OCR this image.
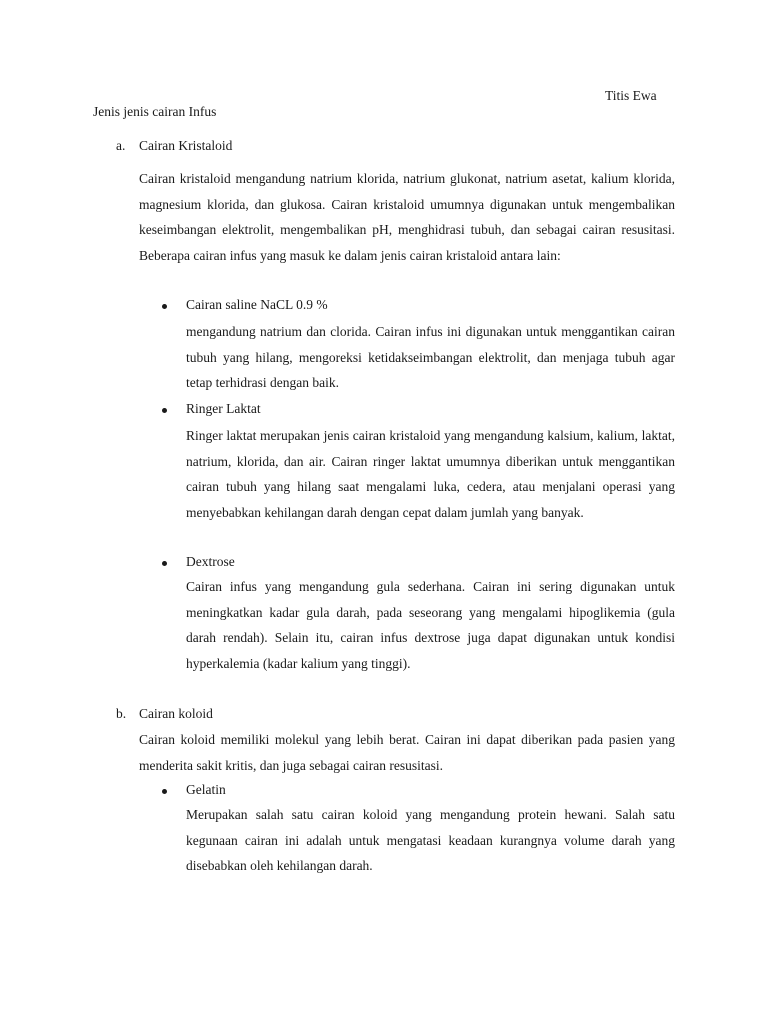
Titis Ewa
Jenis jenis cairan Infus
a. Cairan Kristaloid
Cairan kristaloid mengandung natrium klorida, natrium glukonat, natrium asetat, kalium klorida, magnesium klorida, dan glukosa. Cairan kristaloid umumnya digunakan untuk mengembalikan keseimbangan elektrolit, mengembalikan pH, menghidrasi tubuh, dan sebagai cairan resusitasi. Beberapa cairan infus yang masuk ke dalam jenis cairan kristaloid antara lain:
Cairan saline NaCL 0.9 %
mengandung natrium dan clorida. Cairan infus ini digunakan untuk menggantikan cairan tubuh yang hilang, mengoreksi ketidakseimbangan elektrolit, dan menjaga tubuh agar tetap terhidrasi dengan baik.
Ringer Laktat
Ringer laktat merupakan jenis cairan kristaloid yang mengandung kalsium, kalium, laktat, natrium, klorida, dan air. Cairan ringer laktat umumnya diberikan untuk menggantikan cairan tubuh yang hilang saat mengalami luka, cedera, atau menjalani operasi yang menyebabkan kehilangan darah dengan cepat dalam jumlah yang banyak.
Dextrose
Cairan infus yang mengandung gula sederhana. Cairan ini sering digunakan untuk meningkatkan kadar gula darah, pada seseorang yang mengalami hipoglikemia (gula darah rendah). Selain itu, cairan infus dextrose juga dapat digunakan untuk kondisi hyperkalemia (kadar kalium yang tinggi).
b. Cairan koloid
Cairan koloid memiliki molekul yang lebih berat. Cairan ini dapat diberikan pada pasien yang menderita sakit kritis, dan juga sebagai cairan resusitasi.
Gelatin
Merupakan salah satu cairan koloid yang mengandung protein hewani. Salah satu kegunaan cairan ini adalah untuk mengatasi keadaan kurangnya volume darah yang disebabkan oleh kehilangan darah.
